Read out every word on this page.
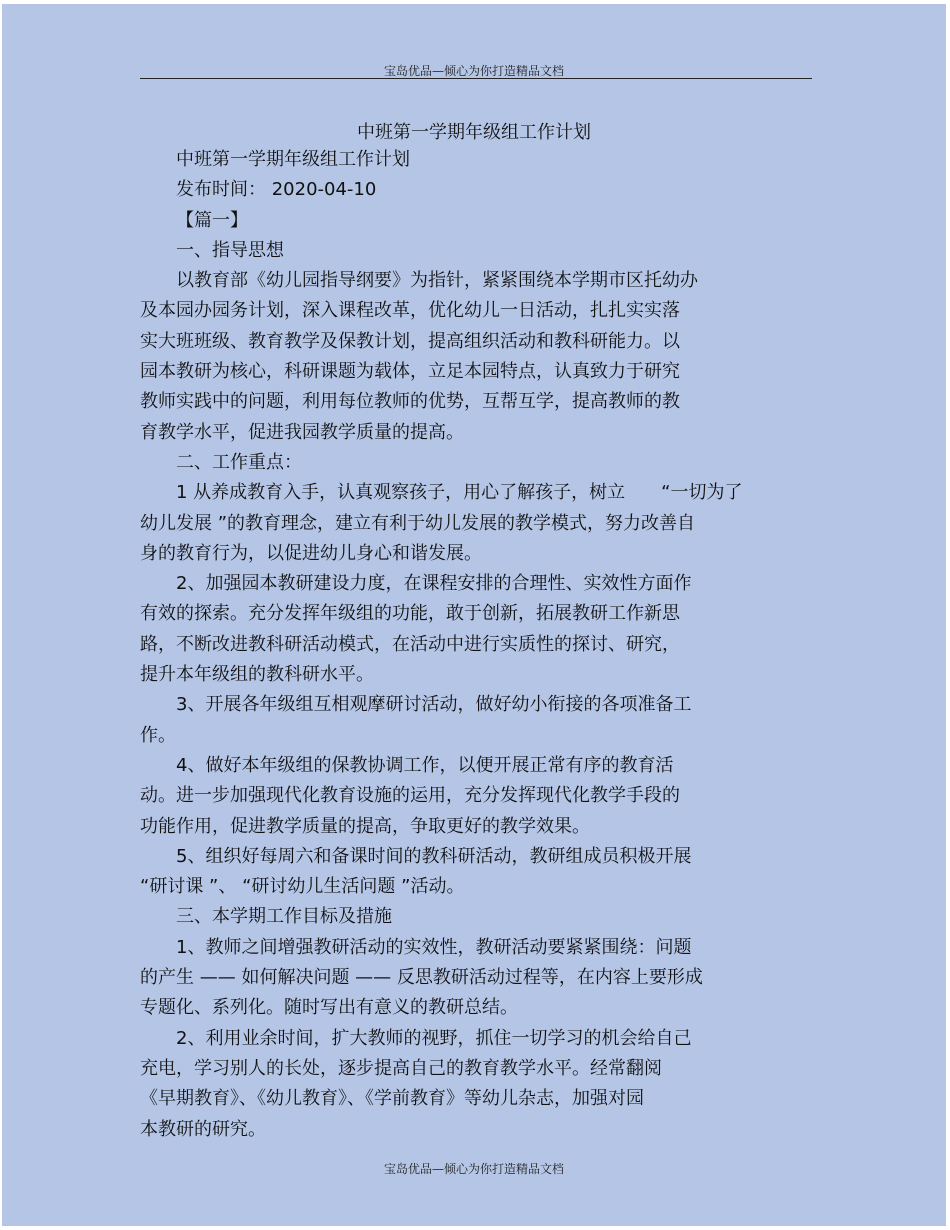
宝岛优品—倾心为你打造精品文档
中班第一学期年级组工作计划
中班第一学期年级组工作计划
发布时间： 2020-04-10
【篇一】
一、指导思想
以教育部《幼儿园指导纲要》为指针，紧紧围绕本学期市区托幼办
及本园办园务计划，深入课程改革，优化幼儿一日活动，扎扎实实落
实大班班级、教育教学及保教计划，提高组织活动和教科研能力。以
园本教研为核心，科研课题为载体，立足本园特点，认真致力于研究
教师实践中的问题，利用每位教师的优势，互帮互学，提高教师的教
育教学水平，促进我园教学质量的提高。
二、工作重点：
1 从养成教育入手，认真观察孩子，用心了解孩子，树立　　“一切为了
幼儿发展 ”的教育理念，建立有利于幼儿发展的教学模式，努力改善自
身的教育行为，以促进幼儿身心和谐发展。
2、加强园本教研建设力度，在课程安排的合理性、实效性方面作
有效的探索。充分发挥年级组的功能，敢于创新，拓展教研工作新思
路，不断改进教科研活动模式，在活动中进行实质性的探讨、研究，
提升本年级组的教科研水平。
3、开展各年级组互相观摩研讨活动，做好幼小衔接的各项准备工
作。
4、做好本年级组的保教协调工作，以便开展正常有序的教育活
动。进一步加强现代化教育设施的运用，充分发挥现代化教学手段的
功能作用，促进教学质量的提高，争取更好的教学效果。
5、组织好每周六和备课时间的教科研活动，教研组成员积极开展
“研讨课 ”、 “研讨幼儿生活问题 ”活动。
三、本学期工作目标及措施
1、教师之间增强教研活动的实效性，教研活动要紧紧围绕：问题
的产生 —— 如何解决问题 —— 反思教研活动过程等，在内容上要形成
专题化、系列化。随时写出有意义的教研总结。
2、利用业余时间，扩大教师的视野，抓住一切学习的机会给自己
充电，学习别人的长处，逐步提高自己的教育教学水平。经常翻阅
《早期教育》、《幼儿教育》、《学前教育》等幼儿杂志，加强对园
本教研的研究。
宝岛优品—倾心为你打造精品文档
